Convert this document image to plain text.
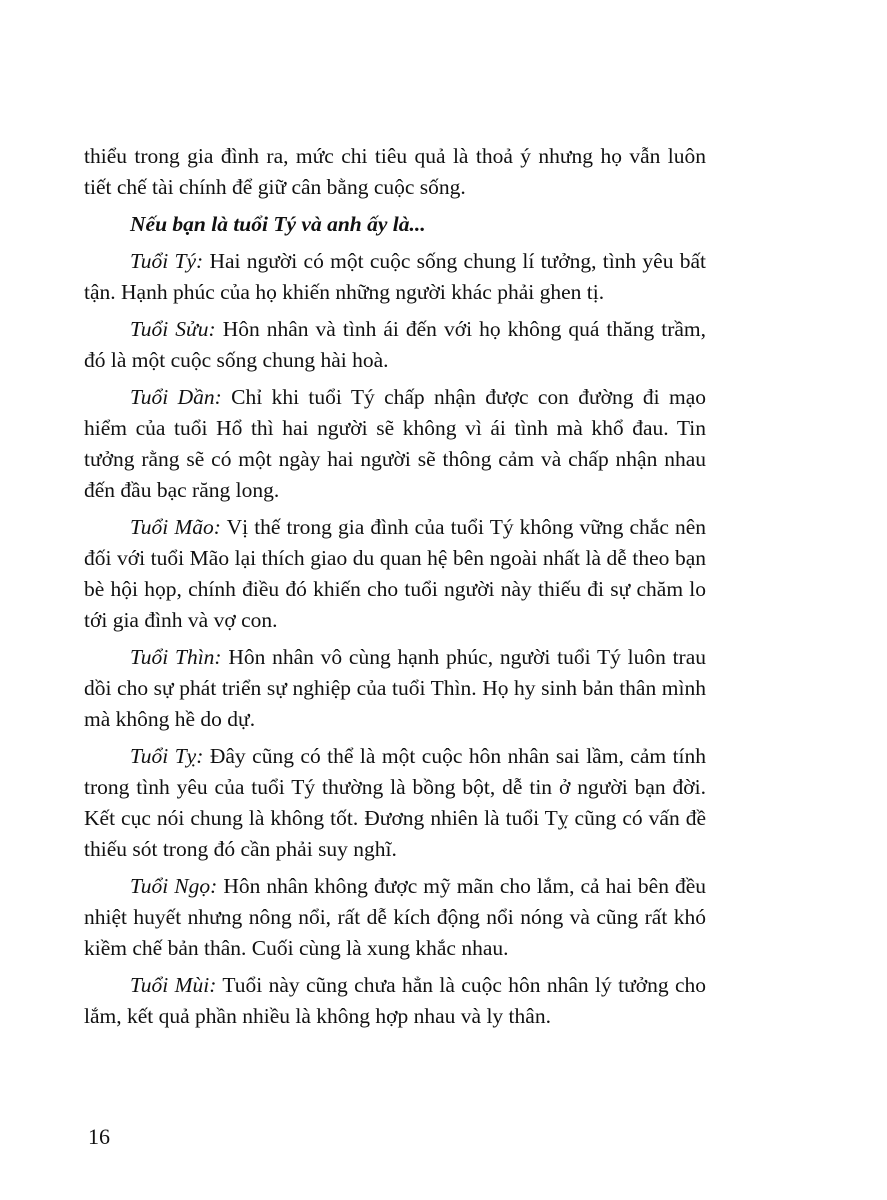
thiểu trong gia đình ra, mức chi tiêu quả là thoả ý nhưng họ vẫn luôn tiết chế tài chính để giữ cân bằng cuộc sống.

Nếu bạn là tuổi Tý và anh ấy là...

Tuổi Tý: Hai người có một cuộc sống chung lí tưởng, tình yêu bất tận. Hạnh phúc của họ khiến những người khác phải ghen tị.

Tuổi Sửu: Hôn nhân và tình ái đến với họ không quá thăng trầm, đó là một cuộc sống chung hài hoà.

Tuổi Dần: Chỉ khi tuổi Tý chấp nhận được con đường đi mạo hiểm của tuổi Hổ thì hai người sẽ không vì ái tình mà khổ đau. Tin tưởng rằng sẽ có một ngày hai người sẽ thông cảm và chấp nhận nhau đến đầu bạc răng long.

Tuổi Mão: Vị thế trong gia đình của tuổi Tý không vững chắc nên đối với tuổi Mão lại thích giao du quan hệ bên ngoài nhất là dễ theo bạn bè hội họp, chính điều đó khiến cho tuổi người này thiếu đi sự chăm lo tới gia đình và vợ con.

Tuổi Thìn: Hôn nhân vô cùng hạnh phúc, người tuổi Tý luôn trau dồi cho sự phát triển sự nghiệp của tuổi Thìn. Họ hy sinh bản thân mình mà không hề do dự.

Tuổi Tỵ: Đây cũng có thể là một cuộc hôn nhân sai lầm, cảm tính trong tình yêu của tuổi Tý thường là bồng bột, dễ tin ở người bạn đời. Kết cục nói chung là không tốt. Đương nhiên là tuổi Tỵ cũng có vấn đề thiếu sót trong đó cần phải suy nghĩ.

Tuổi Ngọ: Hôn nhân không được mỹ mãn cho lắm, cả hai bên đều nhiệt huyết nhưng nông nổi, rất dễ kích động nổi nóng và cũng rất khó kiềm chế bản thân. Cuối cùng là xung khắc nhau.

Tuổi Mùi: Tuổi này cũng chưa hẳn là cuộc hôn nhân lý tưởng cho lắm, kết quả phần nhiều là không hợp nhau và ly thân.

16
